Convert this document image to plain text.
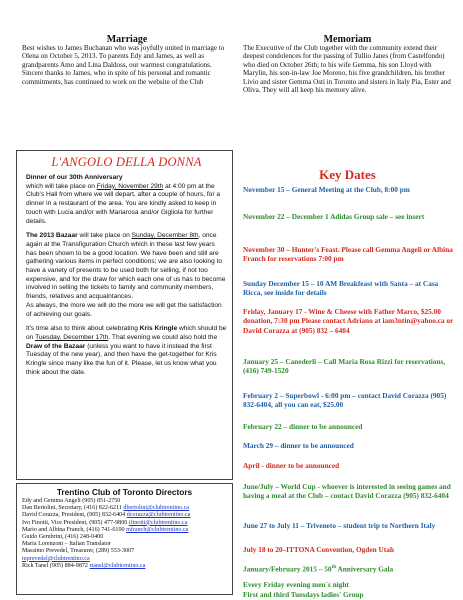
Marriage
Best wishes to James Buchanan who was joyfully united in marriage to Olena on October 5, 2013. To parents Edy and James, as well as grandparents Amo and Lina Daldoss, our warmest congratulations. Sincere thanks to James, who in spite of his personal and romantic commitments, has continued to work on the website of the Club
Memoriam
The Executive of the Club together with the community extend their deepest condolences for the passing of Tullio Janes (from Castelfondo) who died on October 26th; to his wife Gemma, his son Lloyd with Marylin, his son-in-law Joe Moreno, his five grandchildren, his brother Livio and sister Gemma Osti in Toronto and sisters in Italy Pia, Ester and Oliva. They will all keep his memory alive.
L'ANGOLO DELLA DONNA
Dinner of our 30th Anniversary
which will take place on Friday, November 29th at 4:00 pm at the Club's Hall from where we will depart, after a couple of hours, for a dinner in a restaurant of the area. You are kindly asked to keep in touch with Lucia and/or with Mariarosa and/or Gigliola for further details.
The 2013 Bazaar will take place on Sunday, December 8th, once again at the Transfiguration Church which in these last few years has been shown to be a good location. We have been and still are gathering various items in perfect conditions; we are also looking to have a variety of presents to be used both for selling, if not too expensive, and for the draw for which each one of us has to become involved in selling the tickets to family and community members, friends, relatives and acquaintances.
As always, the more we will do the more we will get the satisfaction of achieving our goals.
It's time also to think about celebrating Kris Kringle which should be on Tuesday, December 17th. That evening we could also hold the Draw of the Bazaar (unless you want to have it instead the first Tuesday of the new year), and then have the get-together for Kris Kringle since many like the fun of it. Please, let us know what you think about the date.
Trentino Club of Toronto Directors
Edy and Gemma Angeli (905) 851-2750
Dan Bertolini, Secretary, (416) 822-6211 dbertolini@clubtrentino.ca
David Corazza, President, (905) 832-6404 dcorazza@clubtrentino.ca
Ivo Finotti, Vice President, (905) 477-9800 ifinotti@clubtrentino.ca
Mario and Albina Franch, (416) 741-6100 mfranch@clubtrentino.ca
Guido Gembrini, (416) 248-0400
Maria Lorenzoni – Italian Translator
Massimo Prevedel, Treasurer, (289) 553-3007
mprevedel@clubtrentino.ca
Rick Tanel (905) 884-9872 rtanel@clubtrentino.ca
Key Dates
November 15 – General Meeting at the Club, 8:00 pm
November 22 – December 1 Adidas Group sale – see insert
November 30 – Hunter's Feast. Please call Gemma Angeli or Albina Franch for reservations 7:00 pm
Sunday December 15 – 10 AM Breakfeast with Santa – at Casa Ricca, see inside for details
Friday, January 17 - Wine & Cheese with Father Marco, $25.00 donation, 7:30 pm Please contact Adriano at iam3ntin@yahoo.ca or David Corazza at (905) 832 – 6404
January 25 – Canederli – Call Maria Rosa Rizzi for reservations, (416) 749-1520
February 2 – Superbowl - 6:00 pm – contact David Corazza (905) 832-6404, all you can eat, $25.00
February 22 – dinner to be announced
March 29 – dinner to be announced
April - dinner to be announced
June/July – World Cup - whoever is interested in seeing games and having a meal at the Club – contact David Corazza (905) 832-6404
June 27 to July 11 – Triveneto – student trip to Northern Italy
July 18 to 20–ITTONA Convention, Ogden Utah
January/February 2015 – 50th Anniversary Gala
Every Friday evening men`s night
First and third Tuesdays ladies' Group
